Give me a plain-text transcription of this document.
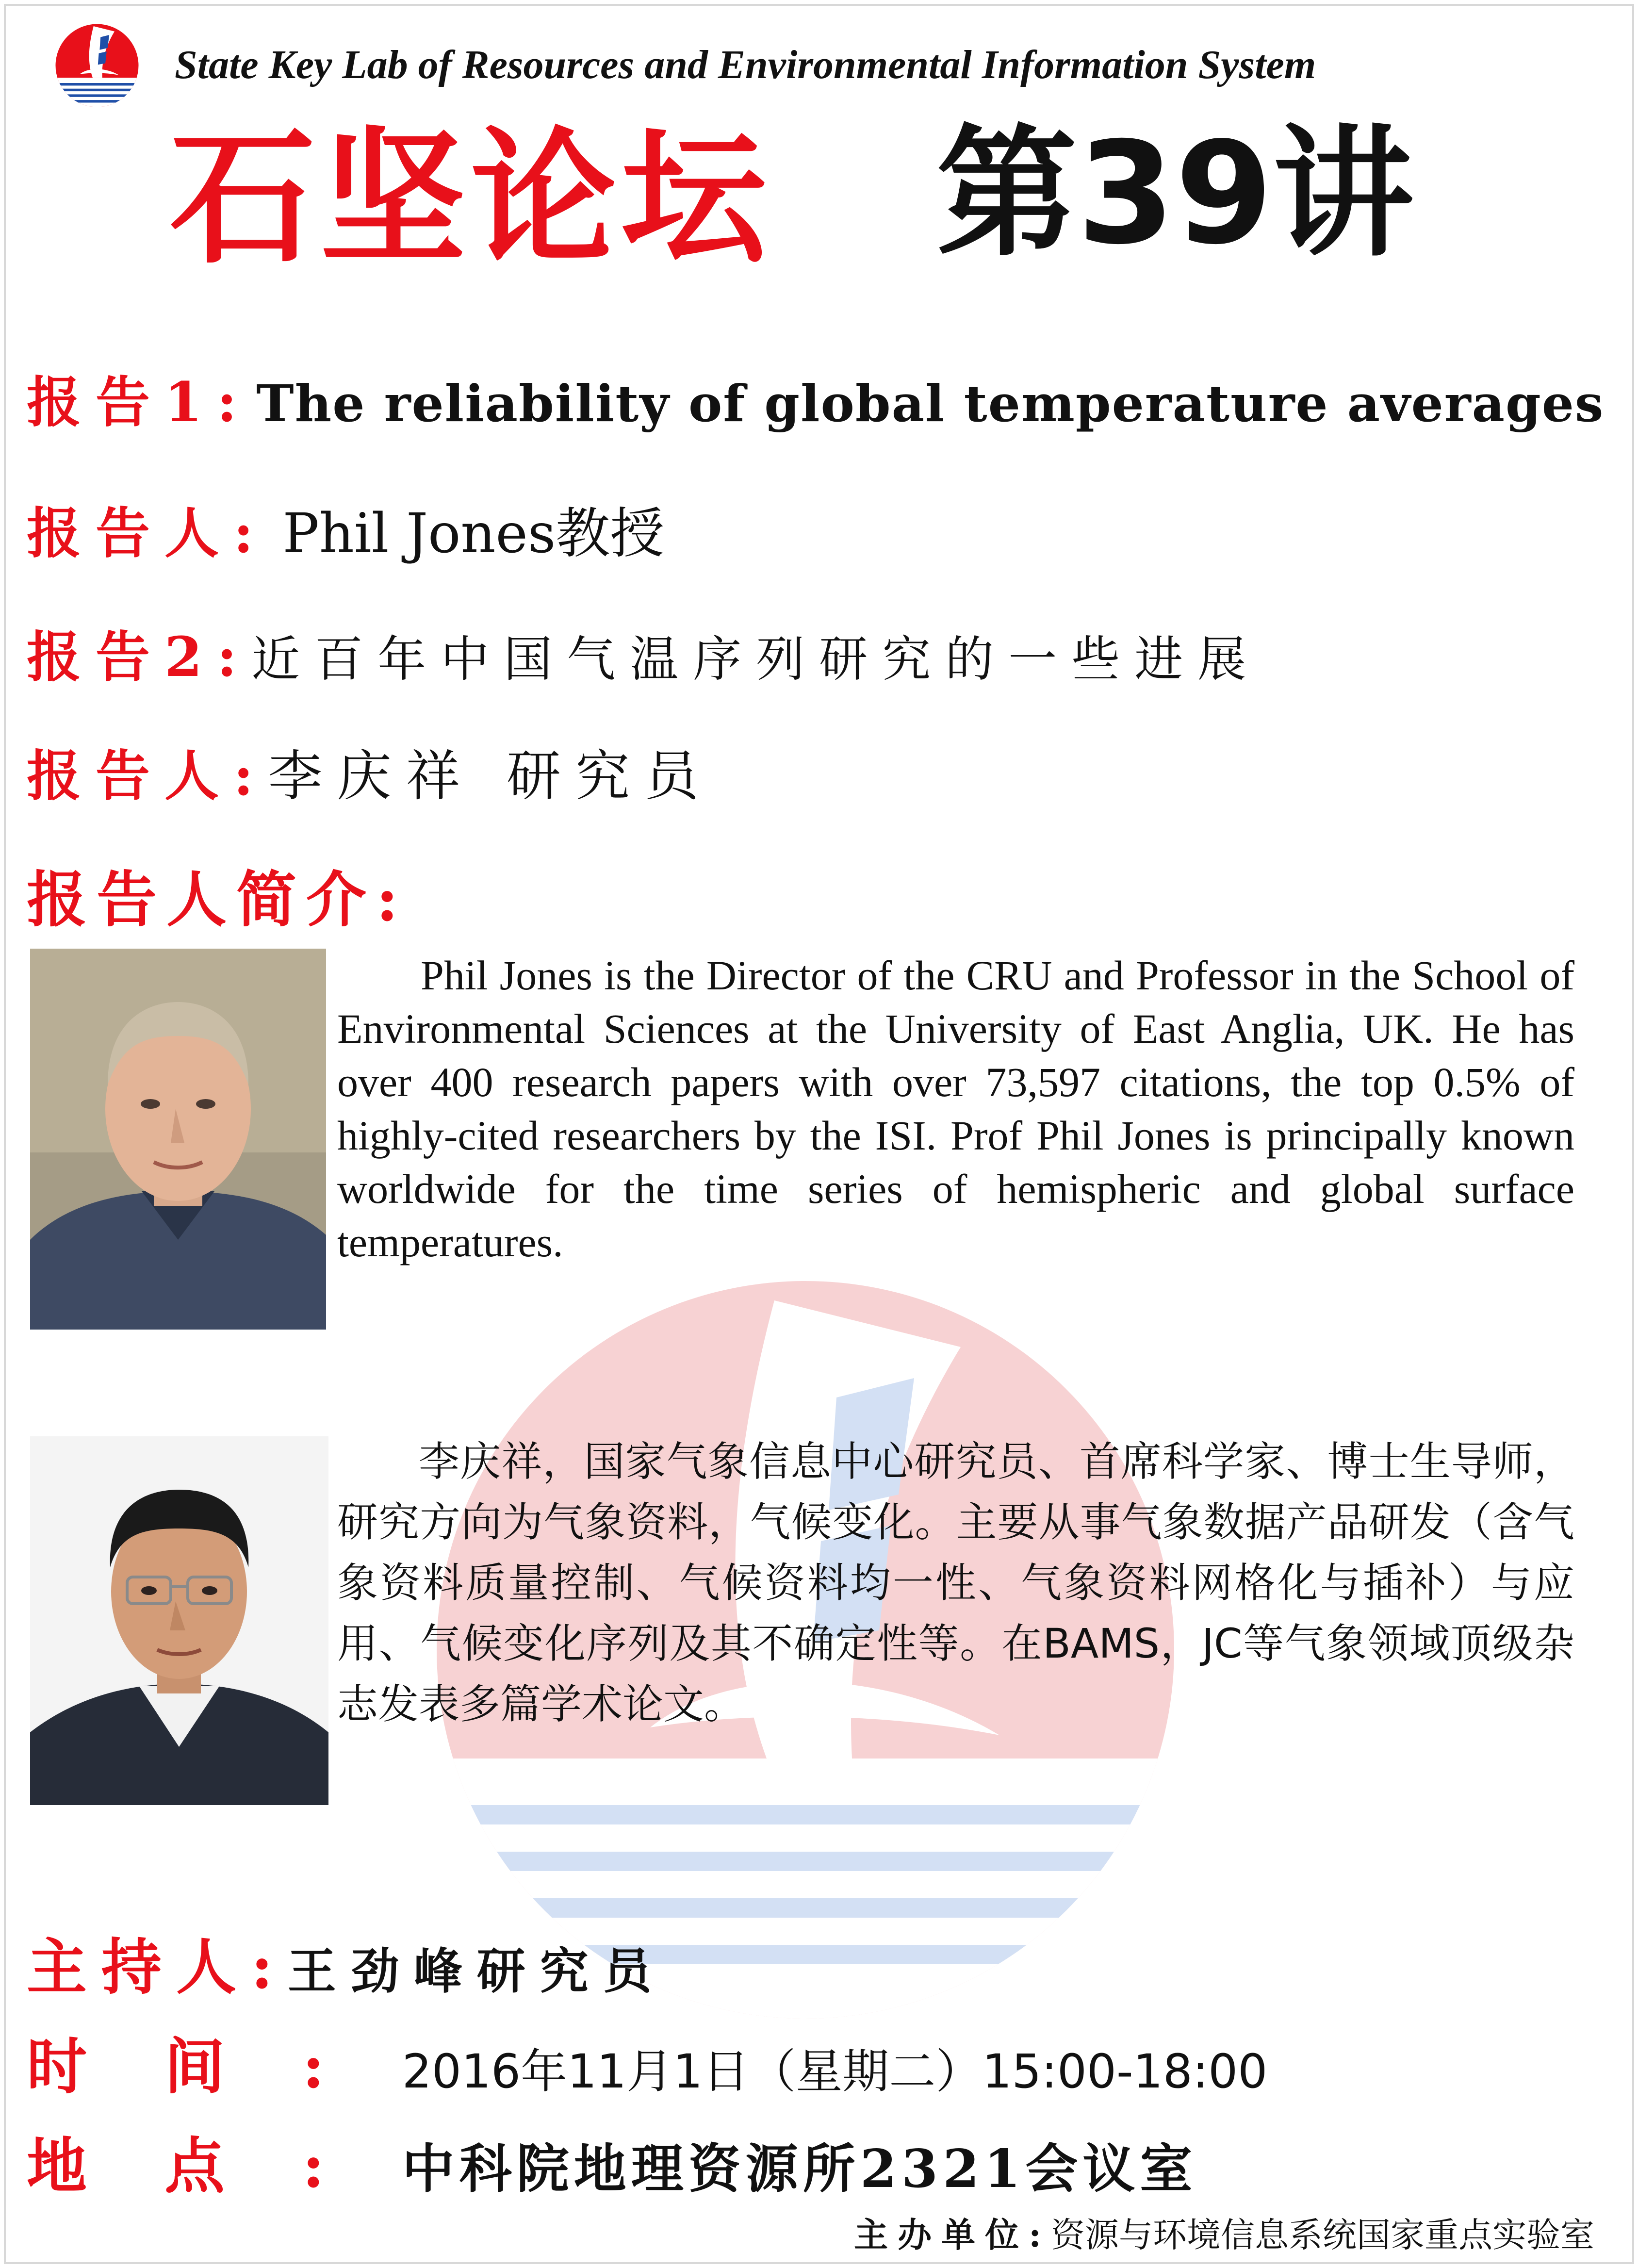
State Key Lab of Resources and Environmental Information System
石坚论坛 第39讲
报告1: The reliability of global temperature averages
报告人: Phil Jones教授
报告2: 近百年中国气温序列研究的一些进展
报告人: 李庆祥 研究员
报告人简介:
Phil Jones is the Director of the CRU and Professor in the School of Environmental Sciences at the University of East Anglia, UK. He has over 400 research papers with over 73,597 citations, the top 0.5% of highly-cited researchers by the ISI. Prof Phil Jones is principally known worldwide for the time series of hemispheric and global surface temperatures.
李庆祥，国家气象信息中心研究员、首席科学家、博士生导师，研究方向为气象资料，气候变化。主要从事气象数据产品研发（含气象资料质量控制、气候资料均一性、气象资料网格化与插补）与应用、气候变化序列及其不确定性等。在BAMS，JC等气象领域顶级杂志发表多篇学术论文。
主持人: 王劲峰研究员
时间: 2016年11月1日（星期二）15:00-18:00
地点: 中科院地理资源所2321会议室
主办单位:资源与环境信息系统国家重点实验室
